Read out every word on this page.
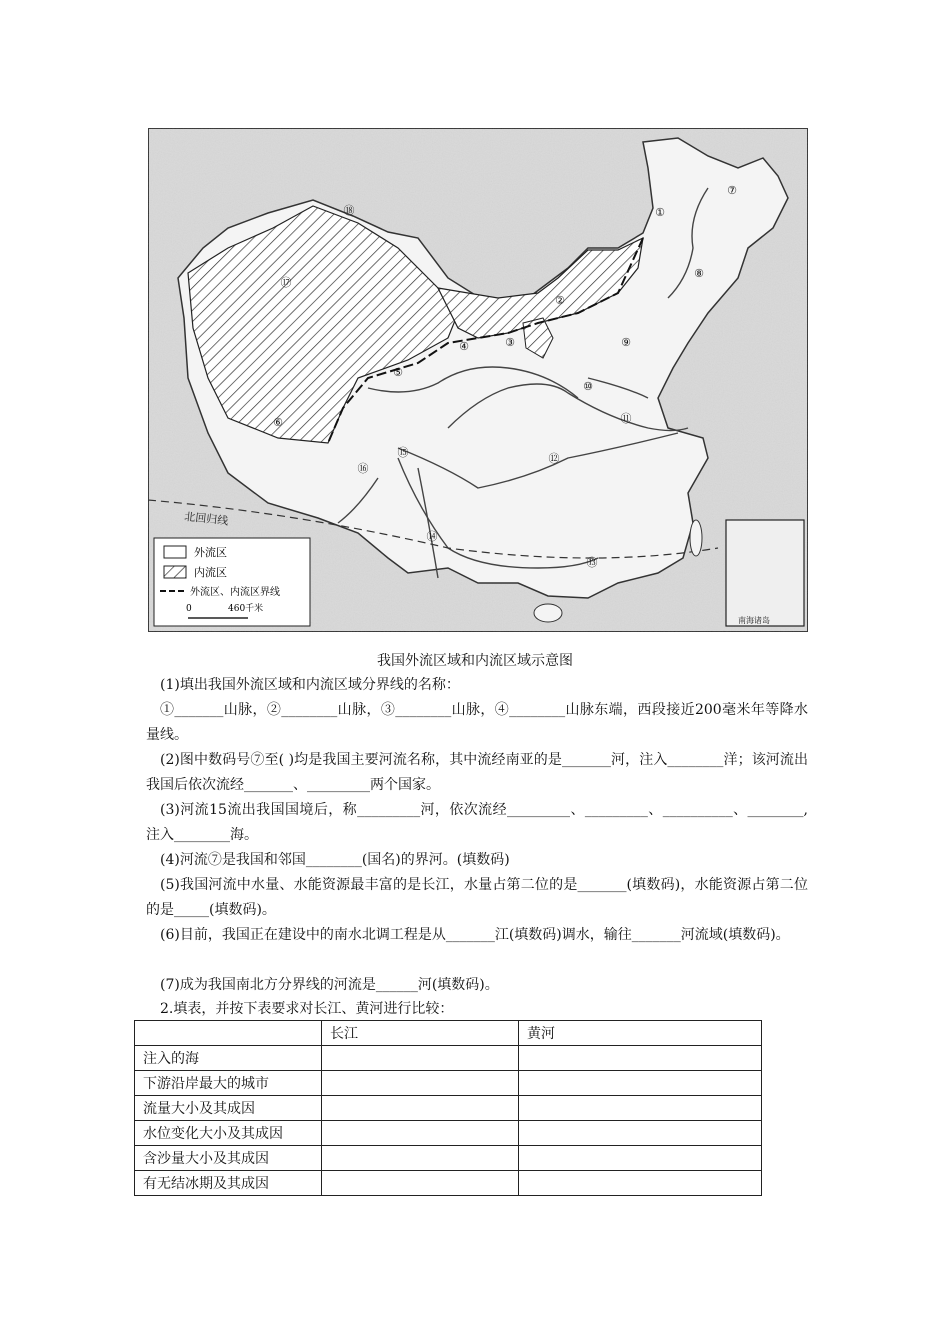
北回归线
南海诸岛
外流区
内流区
外流区、内流区界线
0	460千米
①
②
③
④
⑤
⑥
⑦
⑧
⑨
⑩
⑪
⑫
⑬
⑭
⑮
⑯
⑰
⑱
我国外流区域和内流区域示意图

(1)填出我国外流区域和内流区域分界线的名称：

①_______山脉，②________山脉，③________山脉，④________山脉东端，西段接近200毫米年等降水量线。

(2)图中数码号⑦至( )均是我国主要河流名称，其中流经南亚的是_______河，注入________洋；该河流出我国后依次流经_______、_________两个国家。

(3)河流15流出我国国境后，称_________河，依次流经_________、_________、__________、________,注入________海。

(4)河流⑦是我国和邻国________(国名)的界河。(填数码)

(5)我国河流中水量、水能资源最丰富的是长江，水量占第二位的是_______(填数码)，水能资源占第二位的是_____(填数码)。

(6)目前，我国正在建设中的南水北调工程是从_______江(填数码)调水，输往_______河流域(填数码)。

(7)成为我国南北方分界线的河流是______河(填数码)。

2.填表，并按下表要求对长江、黄河进行比较：

	长江	黄河
注入的海		
下游沿岸最大的城市		
流量大小及其成因		
水位变化大小及其成因		
含沙量大小及其成因		
有无结冰期及其成因		
